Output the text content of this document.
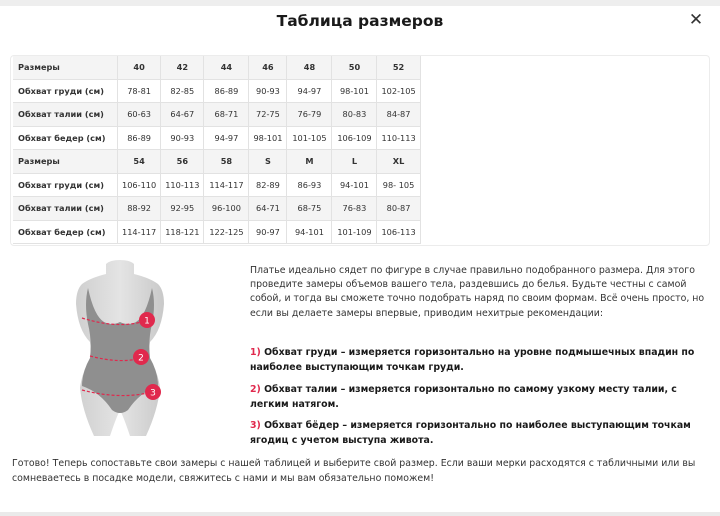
Таблица размеров	✕
Размеры	40	42	44	46	48	50	52
Обхват груди (см)	78-81	82-85	86-89	90-93	94-97	98-101	102-105
Обхват талии (см)	60-63	64-67	68-71	72-75	76-79	80-83	84-87
Обхват бедер (см)	86-89	90-93	94-97	98-101	101-105	106-109	110-113
Размеры	54	56	58	S	M	L	XL
Обхват груди (см)	106-110	110-113	114-117	82-89	86-93	94-101	98- 105
Обхват талии (см)	88-92	92-95	96-100	64-71	68-75	76-83	80-87
Обхват бедер (см)	114-117	118-121	122-125	90-97	94-101	101-109	106-113
1
2
3

Платье идеально сядет по фигуре в случае правильно подобранного размера. Для этого проведите замеры объемов вашего тела, раздевшись до белья. Будьте честны с самой собой, и тогда вы сможете точно подобрать наряд по своим формам. Всё очень просто, но если вы делаете замеры впервые, приводим нехитрые рекомендации:

1) Обхват груди – измеряется горизонтально на уровне подмышечных впадин по наиболее выступающим точкам груди.
2) Обхват талии – измеряется горизонтально по самому узкому месту талии, с легким натягом.
3) Обхват бёдер – измеряется горизонтально по наиболее выступающим точкам ягодиц с учетом выступа живота.
Готово! Теперь сопоставьте свои замеры с нашей таблицей и выберите свой размер. Если ваши мерки расходятся с табличными или вы сомневаетесь в посадке модели, свяжитесь с нами и мы вам обязательно поможем!
